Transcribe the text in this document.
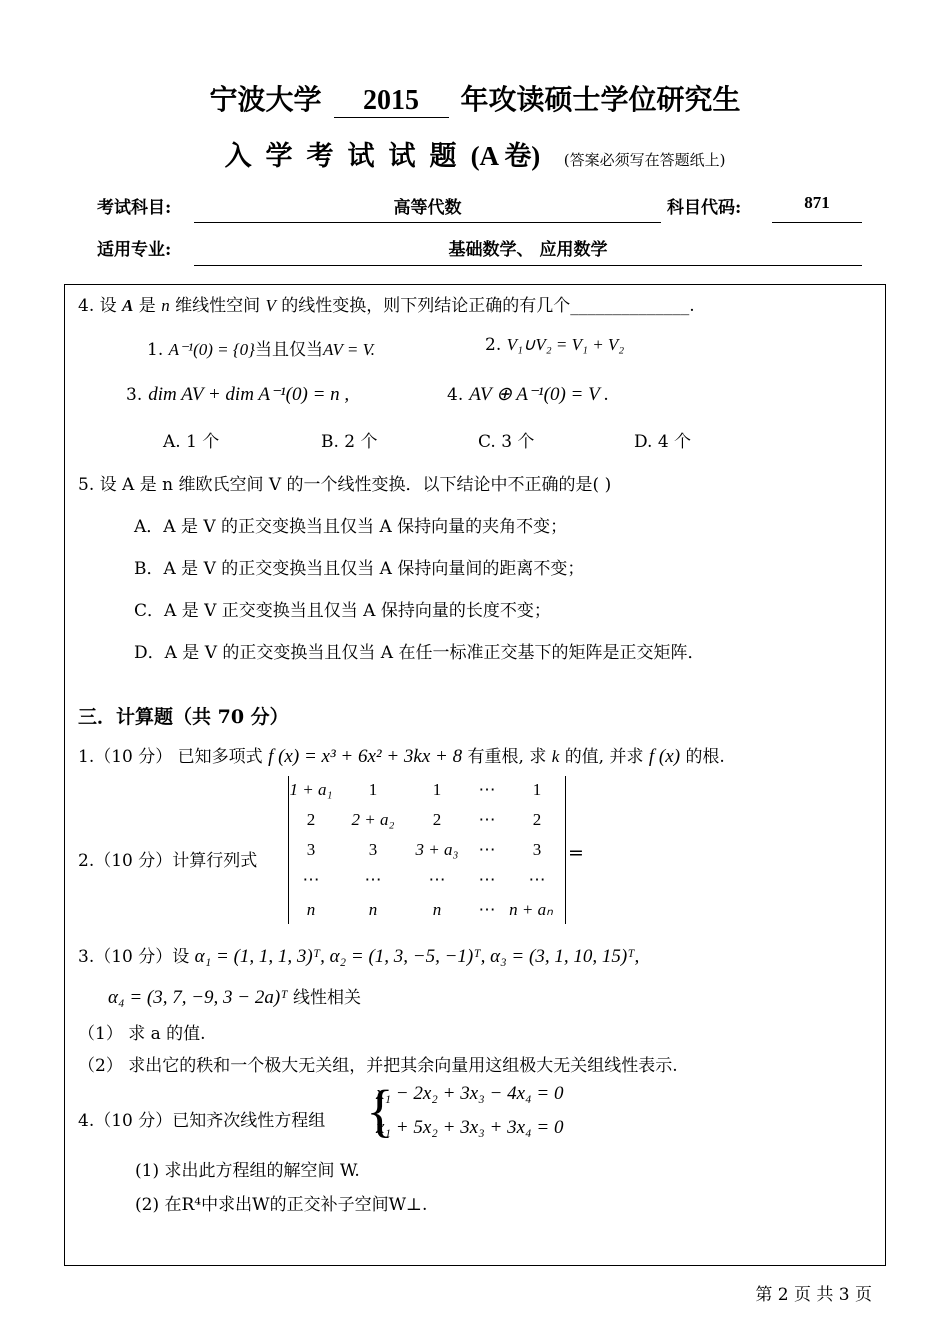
宁波大学 2015 年攻读硕士学位研究生
入学考试试题(A 卷) (答案必须写在答题纸上)
考试科目:	高等代数	科目代码:	871
适用专业:	基础数学、 应用数学
4. 设 A 是 n 维线性空间 V 的线性变换，则下列结论正确的有几个______________.
1. A⁻¹(0) = {0}当且仅当AV = V.	2. V₁∪V₂ = V₁ + V₂
3. dim AV + dim A⁻¹(0) = n ,	4. AV ⊕ A⁻¹(0) = V .
A. 1 个	B. 2 个	C. 3 个	D. 4 个
5. 设 A 是 n 维欧氏空间 V 的一个线性变换．以下结论中不正确的是( )
A．A 是 V 的正交变换当且仅当 A 保持向量的夹角不变；
B．A 是 V 的正交变换当且仅当 A 保持向量间的距离不变；
C．A 是 V 正交变换当且仅当 A 保持向量的长度不变；
D．A 是 V 的正交变换当且仅当 A 在任一标准正交基下的矩阵是正交矩阵．
三．计算题（共 70 分）
1.（10 分） 已知多项式 f (x) = x³ + 6x² + 3kx + 8 有重根, 求 k 的值, 并求 f (x) 的根.
2.（10 分）计算行列式
1 + a₁	1	1	⋯	1
2	2 + a₂	2	⋯	2
3	3	3 + a₃	⋯	3
⋯	⋯	⋯	⋯	⋯
n	n	n	⋯ n + aₙ
=
3.（10 分）设 α₁ = (1, 1, 1, 3)ᵀ, α₂ = (1, 3, −5, −1)ᵀ, α₃ = (3, 1, 10, 15)ᵀ,
α₄ = (3, 7, −9, 3 − 2a)ᵀ 线性相关
（1） 求 a 的值.
（2） 求出它的秩和一个极大无关组，并把其余向量用这组极大无关组线性表示.
4.（10 分）已知齐次线性方程组 {
x₁ − 2x₂ + 3x₃ − 4x₄ = 0
x₁ + 5x₂ + 3x₃ + 3x₄ = 0
(1) 求出此方程组的解空间 W.
(2) 在R⁴中求出W的正交补子空间W⊥.
第 2 页 共 3 页
